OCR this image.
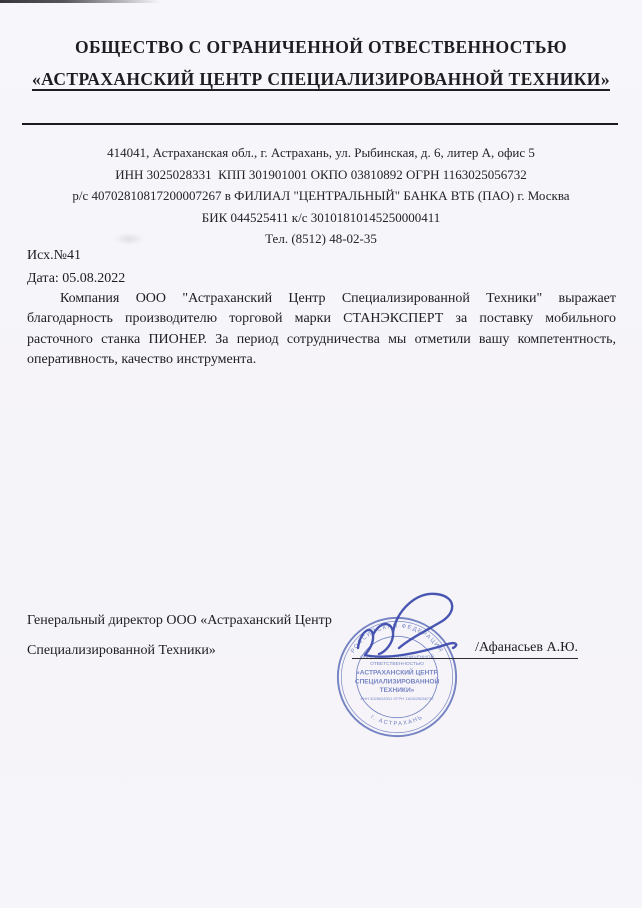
ОБЩЕСТВО С ОГРАНИЧЕННОЙ ОТВЕСТВЕННОСТЬЮ
«АСТРАХАНСКИЙ ЦЕНТР СПЕЦИАЛИЗИРОВАННОЙ ТЕХНИКИ»
414041, Астраханская обл., г. Астрахань, ул. Рыбинская, д. 6, литер А, офис 5
ИНН 3025028331  КПП 301901001 ОКПО 03810892 ОГРН 1163025056732
р/с 40702810817200007267 в ФИЛИАЛ "ЦЕНТРАЛЬНЫЙ" БАНКА ВТБ (ПАО) г. Москва
БИК 044525411 к/с 30101810145250000411
Тел. (8512) 48-02-35
Исх.№41
Дата: 05.08.2022

Компания ООО "Астраханский Центр Специализированной Техники" выражает благодарность производителю торговой марки СТАНЭКСПЕРТ за поставку мобильного расточного станка ПИОНЕР. За период сотрудничества мы отметили вашу компетентность, оперативность, качество инструмента.

Генеральный директор ООО «Астраханский Центр
Специализированной Техники»	РОССИЙСКАЯ ФЕДЕРАЦИЯ
г. АСТРАХАНЬ
ОБЩЕСТВО С ОГРАНИЧЕННОЙ
ОТВЕТСТВЕННОСТЬЮ
«АСТРАХАНСКИЙ ЦЕНТР
СПЕЦИАЛИЗИРОВАННОЙ
ТЕХНИКИ»
ИНН 3025028331 ОГРН 1163025056732
/Афанасьев А.Ю.
